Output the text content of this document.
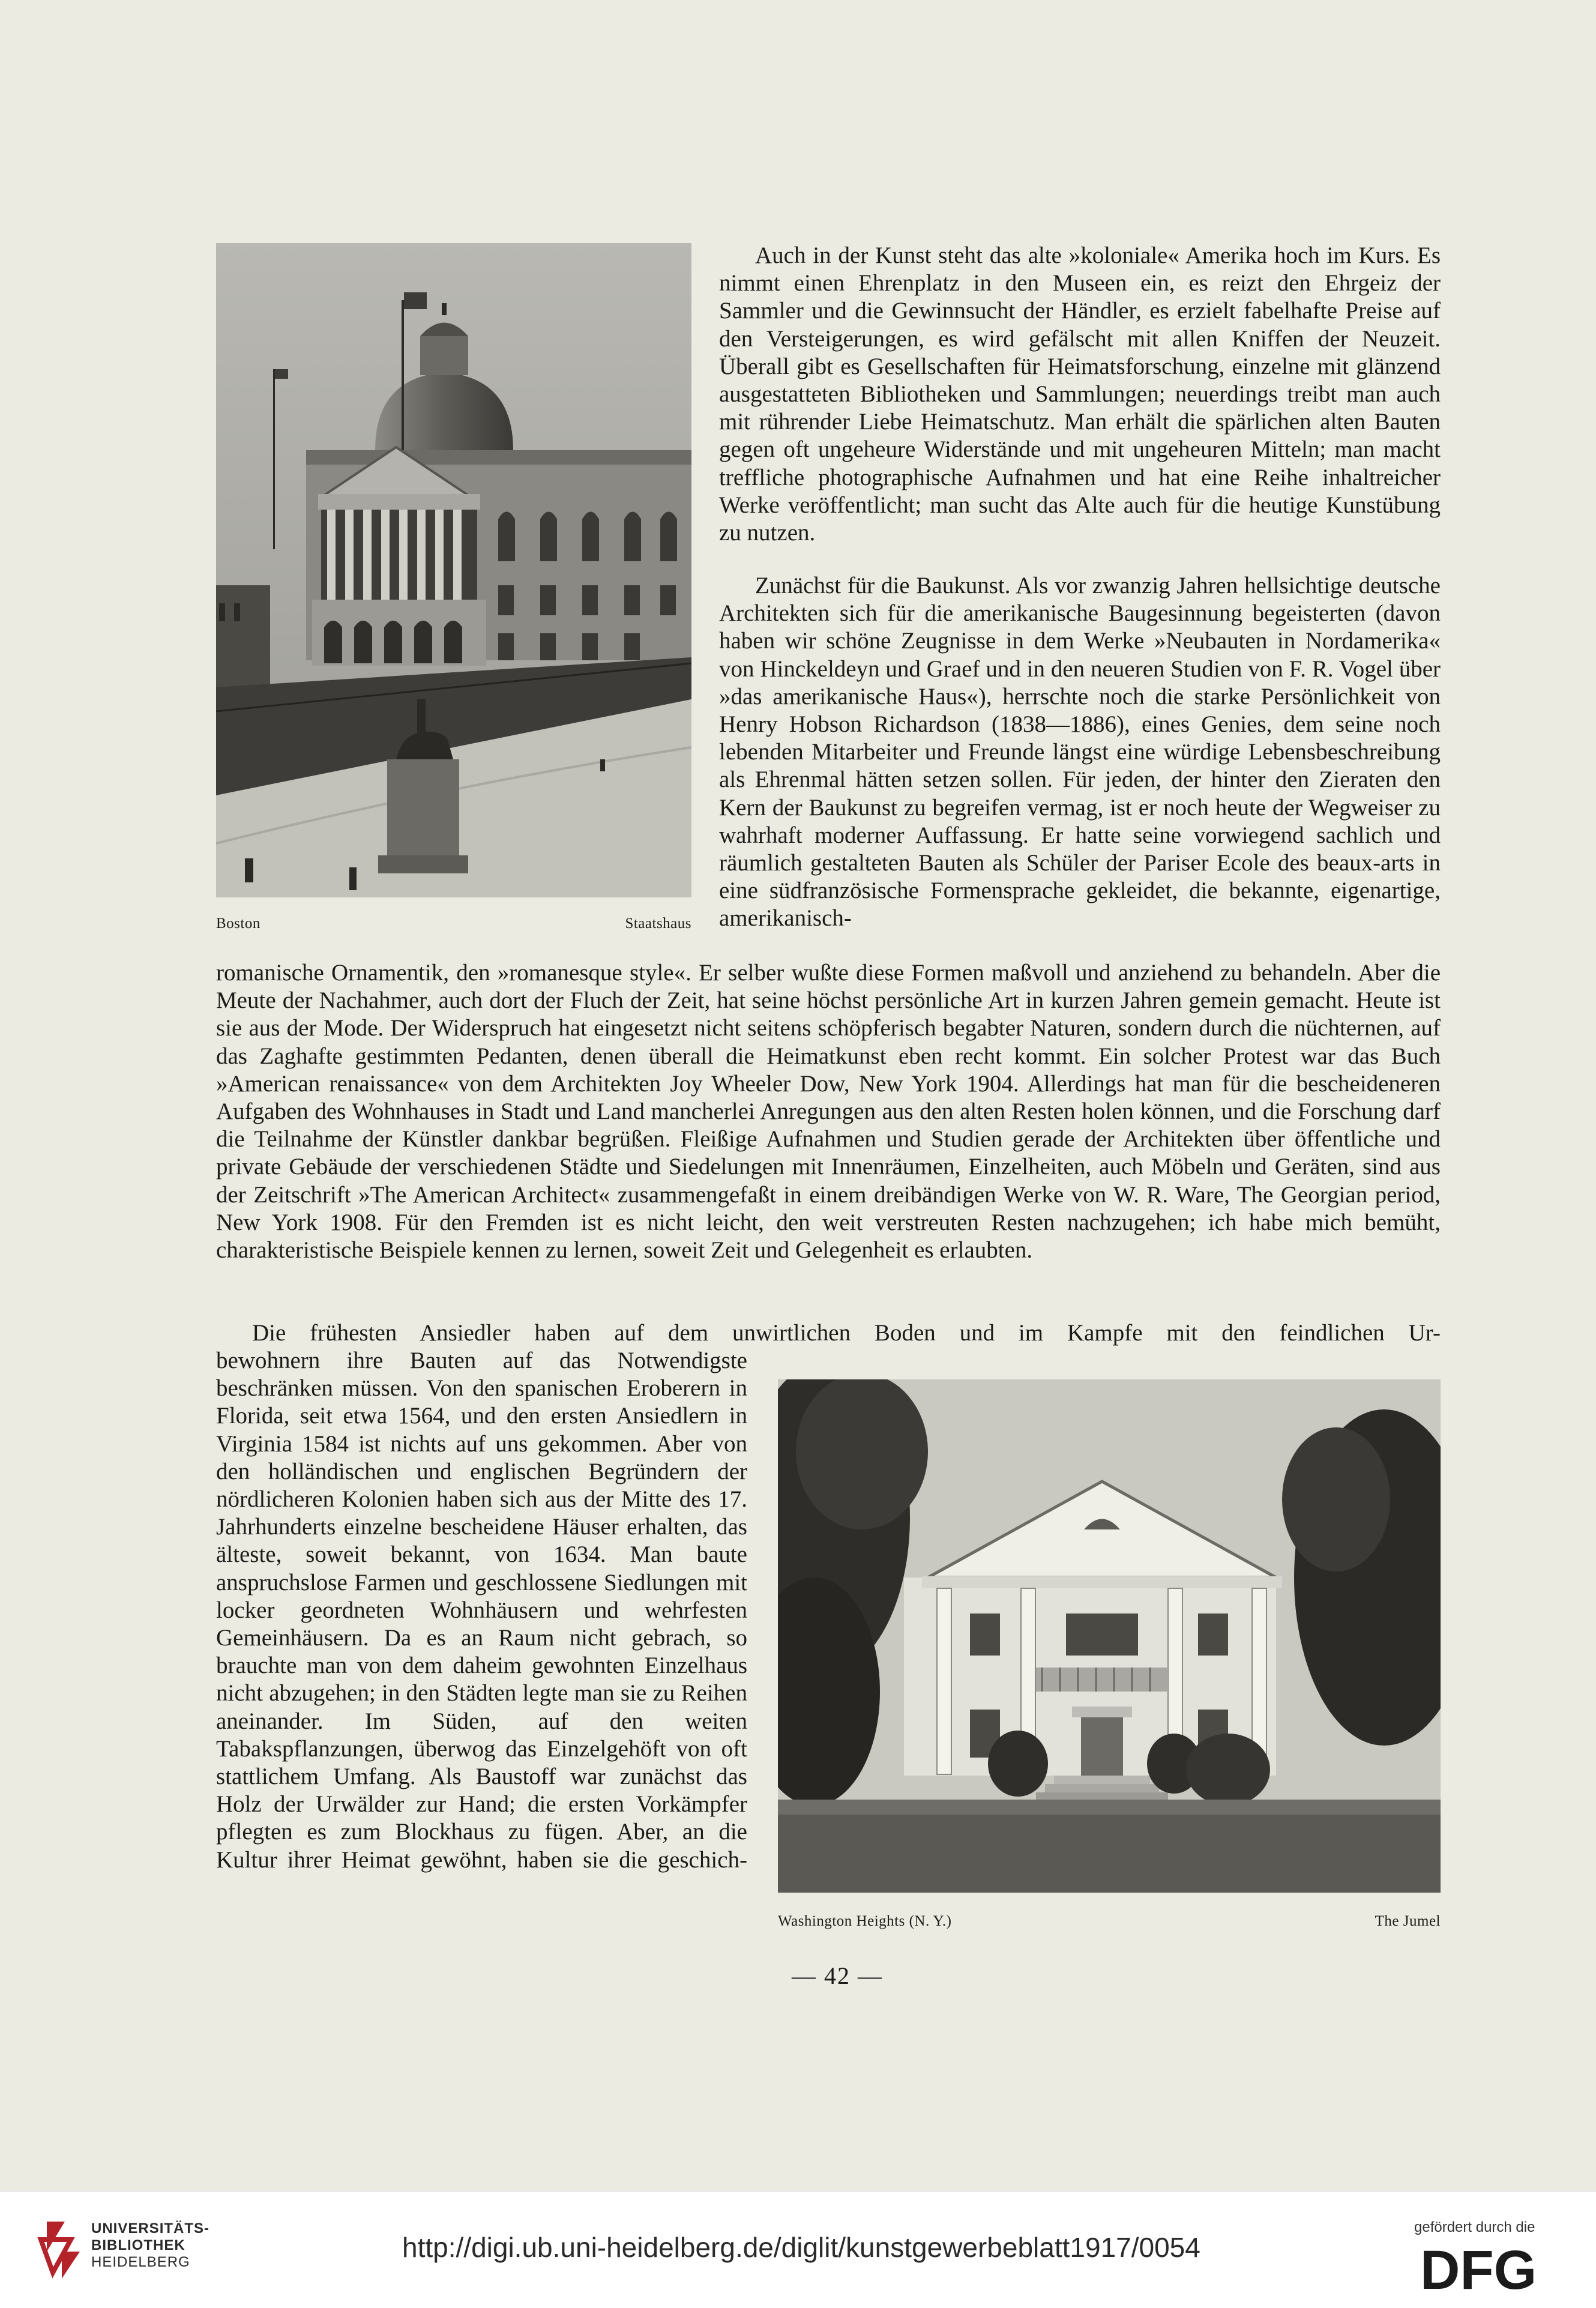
Boston	Staatshaus

Auch in der Kunst steht das alte »koloniale« Amerika hoch im Kurs. Es nimmt einen Ehrenplatz in den Museen ein, es reizt den Ehrgeiz der Sammler und die Gewinnsucht der Händler, es erzielt fabelhafte Preise auf den Versteigerungen, es wird gefälscht mit allen Kniffen der Neuzeit. Überall gibt es Gesellschaften für Heimatsforschung, einzelne mit glänzend ausgestatteten Bibliotheken und Sammlungen; neuerdings treibt man auch mit rührender Liebe Heimatschutz. Man erhält die spärlichen alten Bauten gegen oft ungeheure Widerstände und mit ungeheuren Mitteln; man macht treffliche photographische Aufnahmen und hat eine Reihe inhaltreicher Werke veröffentlicht; man sucht das Alte auch für die heutige Kunstübung zu nutzen.

Zunächst für die Baukunst. Als vor zwanzig Jahren hellsichtige deutsche Architekten sich für die amerikanische Baugesinnung begeisterten (davon haben wir schöne Zeugnisse in dem Werke »Neubauten in Nordamerika« von Hinckeldeyn und Graef und in den neueren Studien von F. R. Vogel über »das amerikanische Haus«), herrschte noch die starke Persönlichkeit von Henry Hobson Richardson (1838—1886), eines Genies, dem seine noch lebenden Mitarbeiter und Freunde längst eine würdige Lebensbeschreibung als Ehrenmal hätten setzen sollen. Für jeden, der hinter den Zieraten den Kern der Baukunst zu begreifen vermag, ist er noch heute der Wegweiser zu wahrhaft moderner Auffassung. Er hatte seine vorwiegend sachlich und räumlich gestalteten Bauten als Schüler der Pariser Ecole des beaux-arts in eine südfranzösische Formensprache gekleidet, die bekannte, eigenartige, amerikanisch-

romanische Ornamentik, den »romanesque style«. Er selber wußte diese Formen maßvoll und anziehend zu behandeln. Aber die Meute der Nachahmer, auch dort der Fluch der Zeit, hat seine höchst persönliche Art in kurzen Jahren gemein gemacht. Heute ist sie aus der Mode. Der Widerspruch hat eingesetzt nicht seitens schöpferisch begabter Naturen, sondern durch die nüchternen, auf das Zaghafte gestimmten Pedanten, denen überall die Heimatkunst eben recht kommt. Ein solcher Protest war das Buch »American renaissance« von dem Architekten Joy Wheeler Dow, New York 1904. Allerdings hat man für die bescheideneren Aufgaben des Wohnhauses in Stadt und Land mancherlei Anregungen aus den alten Resten holen können, und die Forschung darf die Teilnahme der Künstler dankbar begrüßen. Fleißige Aufnahmen und Studien gerade der Architekten über öffentliche und private Gebäude der verschiedenen Städte und Siedelungen mit Innenräumen, Einzelheiten, auch Möbeln und Geräten, sind aus der Zeitschrift »The American Architect« zusammengefaßt in einem dreibändigen Werke von W. R. Ware, The Georgian period, New York 1908. Für den Fremden ist es nicht leicht, den weit verstreuten Resten nachzugehen; ich habe mich bemüht, charakteristische Beispiele kennen zu lernen, soweit Zeit und Gelegenheit es erlaubten.

Die frühesten Ansiedler haben auf dem unwirtlichen Boden und im Kampfe mit den feindlichen Ur-

bewohnern ihre Bauten auf das Notwendigste beschränken müssen. Von den spanischen Eroberern in Florida, seit etwa 1564, und den ersten Ansiedlern in Virginia 1584 ist nichts auf uns gekommen. Aber von den holländischen und englischen Begründern der nördlicheren Kolonien haben sich aus der Mitte des 17. Jahrhunderts einzelne bescheidene Häuser erhalten, das älteste, soweit bekannt, von 1634. Man baute anspruchslose Farmen und geschlossene Siedlungen mit locker geordneten Wohnhäusern und wehrfesten Gemeinhäusern. Da es an Raum nicht gebrach, so brauchte man von dem daheim gewohnten Einzelhaus nicht abzugehen; in den Städten legte man sie zu Reihen aneinander. Im Süden, auf den weiten Tabakspflanzungen, überwog das Einzelgehöft von oft stattlichem Umfang. Als Baustoff war zunächst das Holz der Urwälder zur Hand; die ersten Vorkämpfer pflegten es zum Blockhaus zu fügen. Aber, an die Kultur ihrer Heimat gewöhnt, haben sie die geschich-

Washington Heights (N. Y.)	The Jumel
— 42 —
UNIVERSITÄTS-
BIBLIOTHEK
HEIDELBERG	http://digi.ub.uni-heidelberg.de/diglit/kunstgewerbeblatt1917/0054
gefördert durch die
DFG
